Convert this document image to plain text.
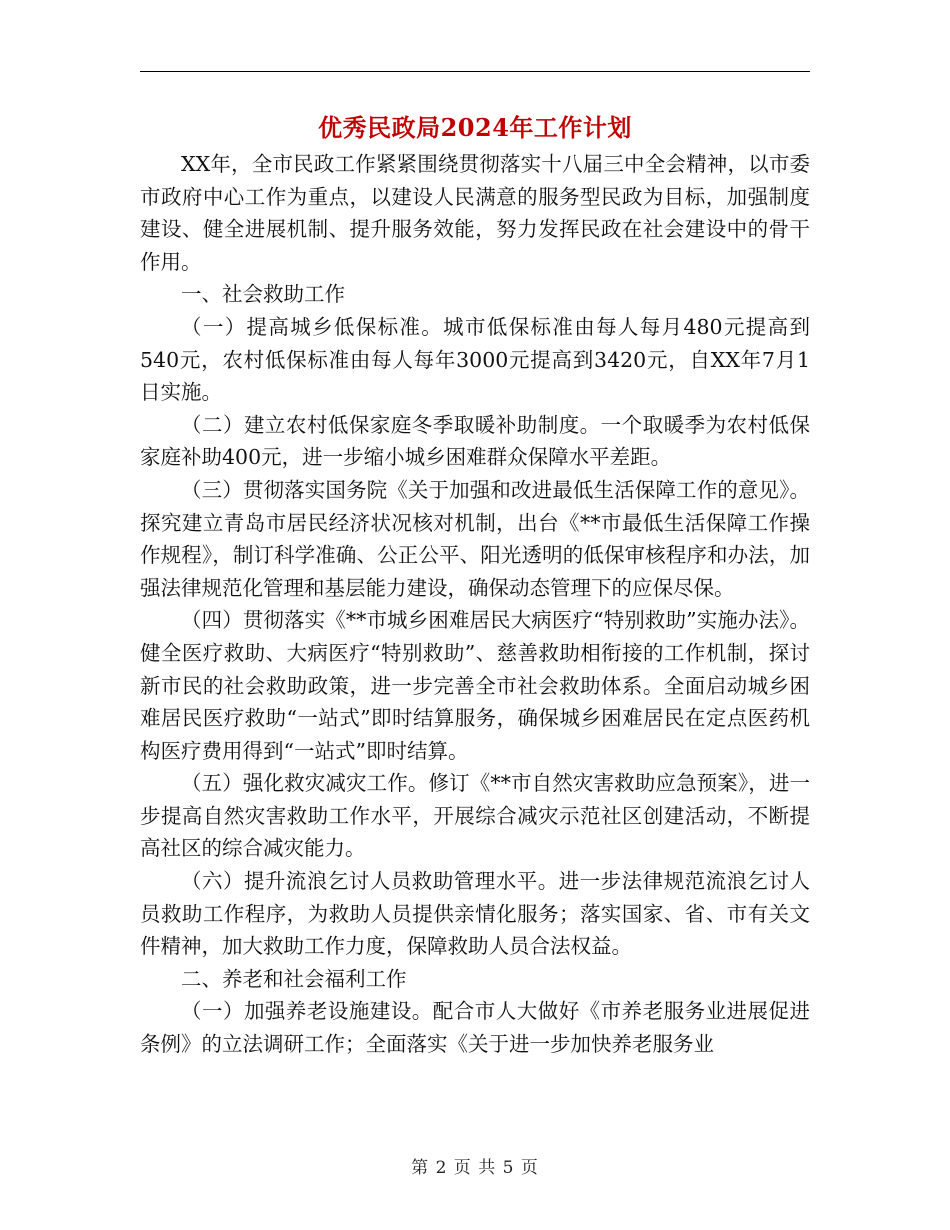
优秀民政局2024年工作计划

XX年，全市民政工作紧紧围绕贯彻落实十八届三中全会精神，以市委市政府中心工作为重点，以建设人民满意的服务型民政为目标，加强制度建设、健全进展机制、提升服务效能，努力发挥民政在社会建设中的骨干作用。

一、社会救助工作

（一）提高城乡低保标准。城市低保标准由每人每月480元提高到540元，农村低保标准由每人每年3000元提高到3420元，自XX年7月1日实施。

（二）建立农村低保家庭冬季取暖补助制度。一个取暖季为农村低保家庭补助400元，进一步缩小城乡困难群众保障水平差距。

（三）贯彻落实国务院《关于加强和改进最低生活保障工作的意见》。探究建立青岛市居民经济状况核对机制，出台《**市最低生活保障工作操作规程》，制订科学准确、公正公平、阳光透明的低保审核程序和办法，加强法律规范化管理和基层能力建设，确保动态管理下的应保尽保。

（四）贯彻落实《**市城乡困难居民大病医疗“特别救助”实施办法》。健全医疗救助、大病医疗“特别救助”、慈善救助相衔接的工作机制，探讨新市民的社会救助政策，进一步完善全市社会救助体系。全面启动城乡困难居民医疗救助“一站式”即时结算服务，确保城乡困难居民在定点医药机构医疗费用得到“一站式”即时结算。

（五）强化救灾减灾工作。修订《**市自然灾害救助应急预案》，进一步提高自然灾害救助工作水平，开展综合减灾示范社区创建活动，不断提高社区的综合减灾能力。

（六）提升流浪乞讨人员救助管理水平。进一步法律规范流浪乞讨人员救助工作程序，为救助人员提供亲情化服务；落实国家、省、市有关文件精神，加大救助工作力度，保障救助人员合法权益。

二、养老和社会福利工作

（一）加强养老设施建设。配合市人大做好《市养老服务业进展促进条例》的立法调研工作；全面落实《关于进一步加快养老服务业

第 2 页 共 5 页
